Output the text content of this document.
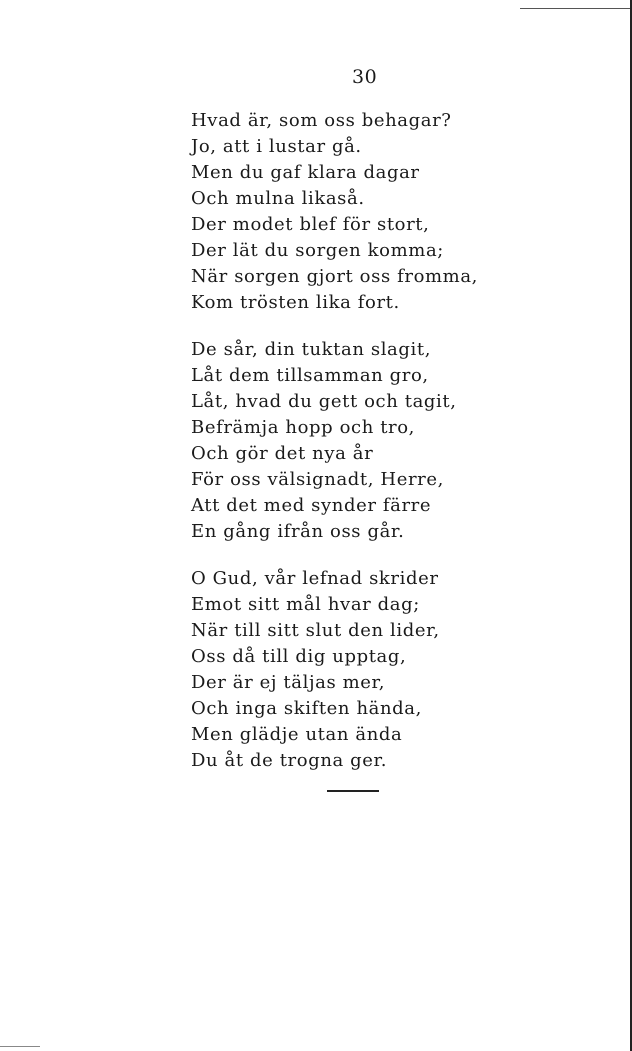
30
Hvad är, som oss behagar?
Jo, att i lustar gå.
Men du gaf klara dagar
Och mulna likaså.
Der modet blef för stort,
Der lät du sorgen komma;
När sorgen gjort oss fromma,
Kom trösten lika fort.
De sår, din tuktan slagit,
Låt dem tillsamman gro,
Låt, hvad du gett och tagit,
Befrämja hopp och tro,
Och gör det nya år
För oss välsignadt, Herre,
Att det med synder färre
En gång ifrån oss går.
O Gud, vår lefnad skrider
Emot sitt mål hvar dag;
När till sitt slut den lider,
Oss då till dig upptag,
Der är ej täljas mer,
Och inga skiften hända,
Men glädje utan ända
Du åt de trogna ger.
